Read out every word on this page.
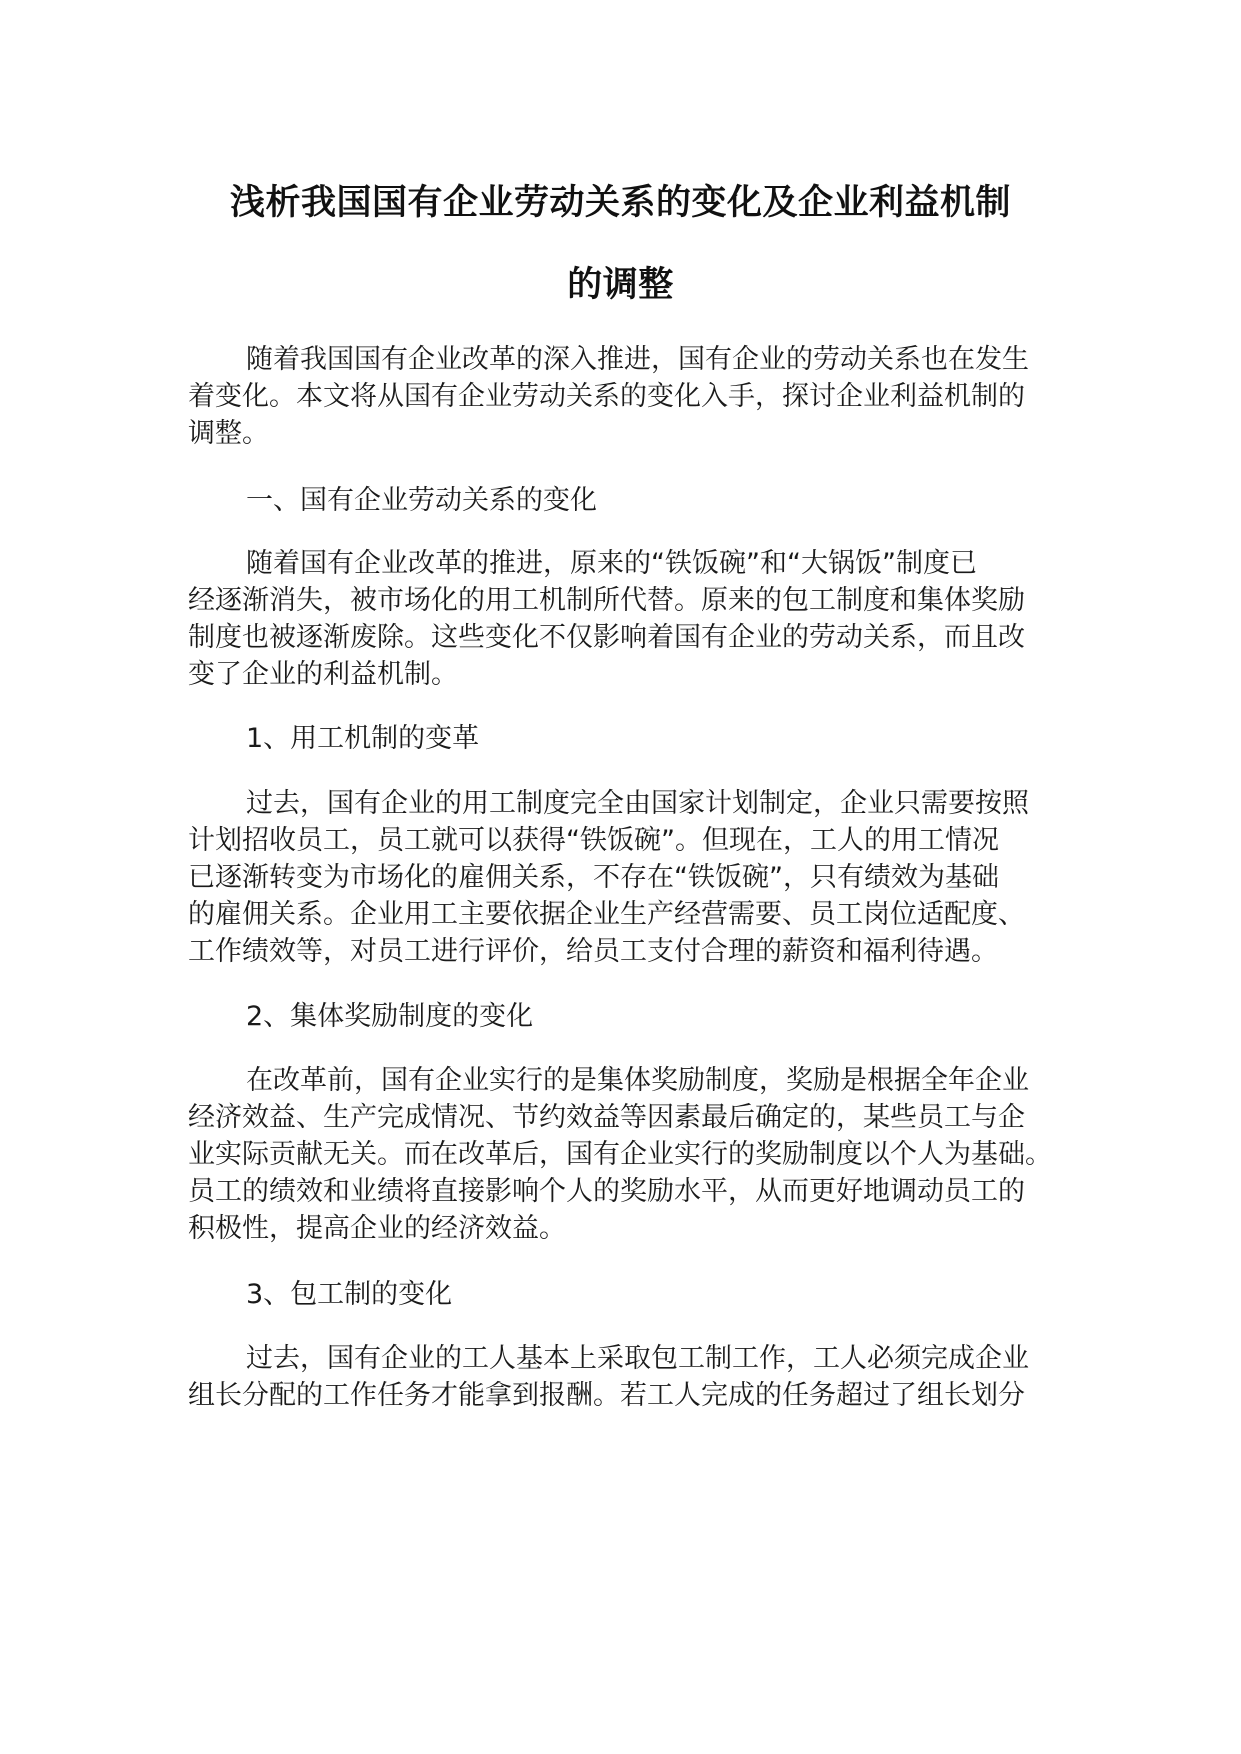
浅析我国国有企业劳动关系的变化及企业利益机制
的调整
随着我国国有企业改革的深入推进，国有企业的劳动关系也在发生
着变化。本文将从国有企业劳动关系的变化入手，探讨企业利益机制的
调整。
一、国有企业劳动关系的变化
随着国有企业改革的推进，原来的“铁饭碗”和“大锅饭”制度已
经逐渐消失，被市场化的用工机制所代替。原来的包工制度和集体奖励
制度也被逐渐废除。这些变化不仅影响着国有企业的劳动关系，而且改
变了企业的利益机制。
1、用工机制的变革
过去，国有企业的用工制度完全由国家计划制定，企业只需要按照
计划招收员工，员工就可以获得“铁饭碗”。但现在，工人的用工情况
已逐渐转变为市场化的雇佣关系，不存在“铁饭碗”，只有绩效为基础
的雇佣关系。企业用工主要依据企业生产经营需要、员工岗位适配度、
工作绩效等，对员工进行评价，给员工支付合理的薪资和福利待遇。
2、集体奖励制度的变化
在改革前，国有企业实行的是集体奖励制度，奖励是根据全年企业
经济效益、生产完成情况、节约效益等因素最后确定的，某些员工与企
业实际贡献无关。而在改革后，国有企业实行的奖励制度以个人为基础。
员工的绩效和业绩将直接影响个人的奖励水平，从而更好地调动员工的
积极性，提高企业的经济效益。
3、包工制的变化
过去，国有企业的工人基本上采取包工制工作，工人必须完成企业
组长分配的工作任务才能拿到报酬。若工人完成的任务超过了组长划分
